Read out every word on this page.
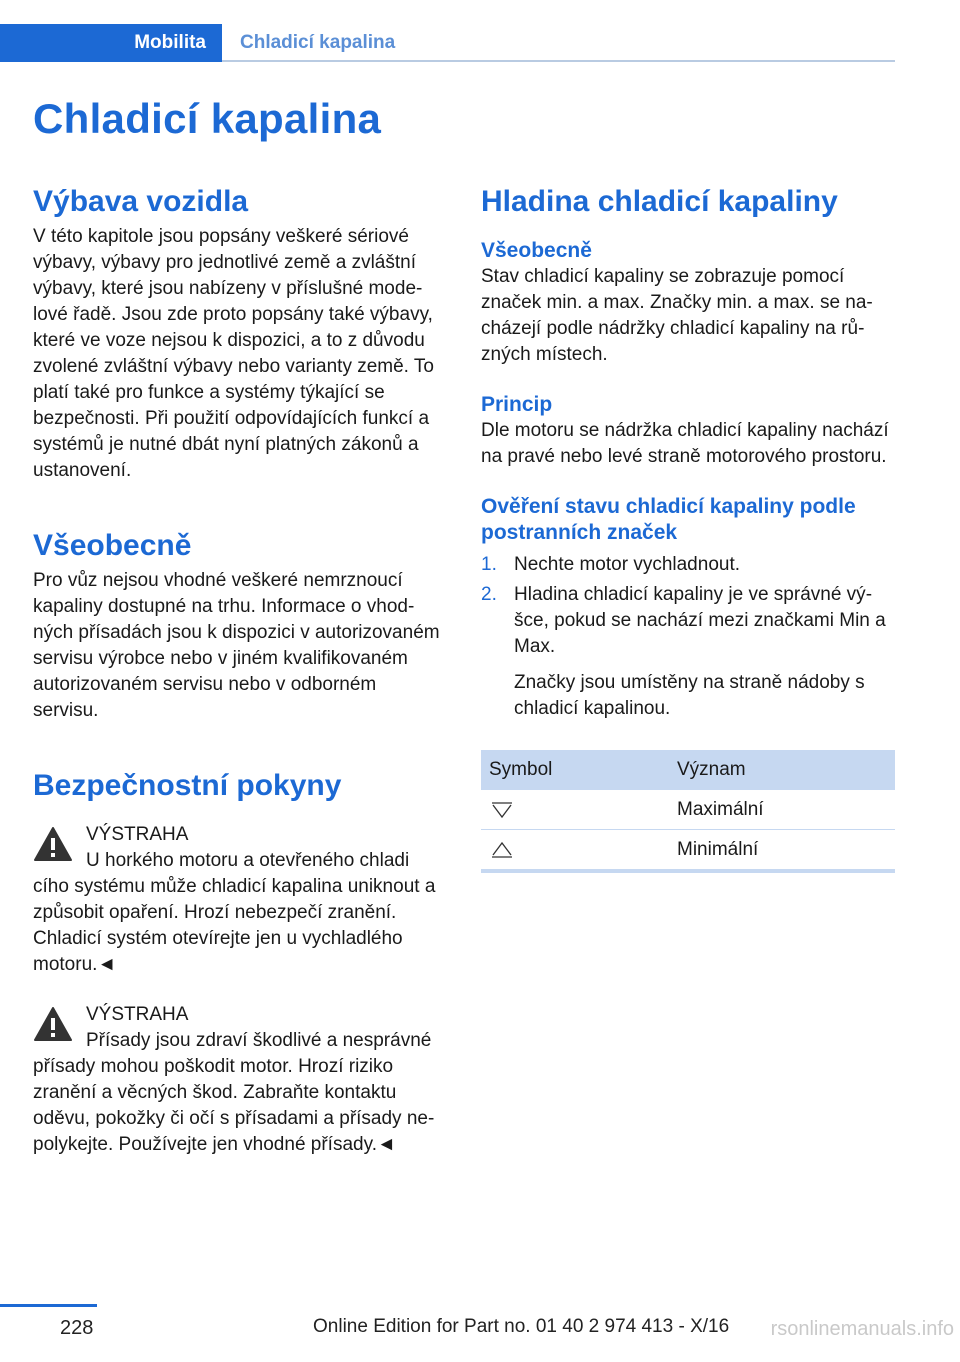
Mobilita Chladicí kapalina
Chladicí kapalina
Výbava vozidla

V této kapitole jsou popsány veškeré sériové výbavy, výbavy pro jednotlivé země a zvláštní výbavy, které jsou nabízeny v příslušné modelové řadě. Jsou zde proto popsány také výbavy, které ve voze nejsou k dispozici, a to z důvodu zvolené zvláštní výbavy nebo varianty země. To platí také pro funkce a systémy týkající se bezpečnosti. Při použití odpovídajících funkcí a systémů je nutné dbát nyní platných zákonů a ustanovení.

Všeobecně

Pro vůz nejsou vhodné veškeré nemrznoucí kapaliny dostupné na trhu. Informace o vhodných přísadách jsou k dispozici v autorizovaném servisu výrobce nebo v jiném kvalifikovaném autorizovaném servisu nebo v odborném servisu.

Bezpečnostní pokyny

VÝSTRAHA

U horkého motoru a otevřeného chladi

cího systému může chladicí kapalina uniknout a způsobit opaření. Hrozí nebezpečí zranění. Chladicí systém otevírejte jen u vychladlého motoru.◄

VÝSTRAHA

Přísady jsou zdraví škodlivé a nesprávné

přísady mohou poškodit motor. Hrozí riziko zranění a věcných škod. Zabraňte kontaktu oděvu, pokožky či očí s přísadami a přísady nepolykejte. Používejte jen vhodné přísady.◄

Hladina chladicí kapaliny
Všeobecně

Stav chladicí kapaliny se zobrazuje pomocí značek min. a max. Značky min. a max. se nacházejí podle nádržky chladicí kapaliny na různých místech.

Princip

Dle motoru se nádržka chladicí kapaliny nachází na pravé nebo levé straně motorového prostoru.

Ověření stavu chladicí kapaliny podle postranních značek
1. Nechte motor vychladnout.
2. Hladina chladicí kapaliny je ve správné výšce, pokud se nachází mezi značkami Min a Max.
Značky jsou umístěny na straně nádoby s chladicí kapalinou.
Symbol	Význam

	Maximální

	Minimální
228	Online Edition for Part no. 01 40 2 974 413 - X/16 rsonlinemanuals.info
